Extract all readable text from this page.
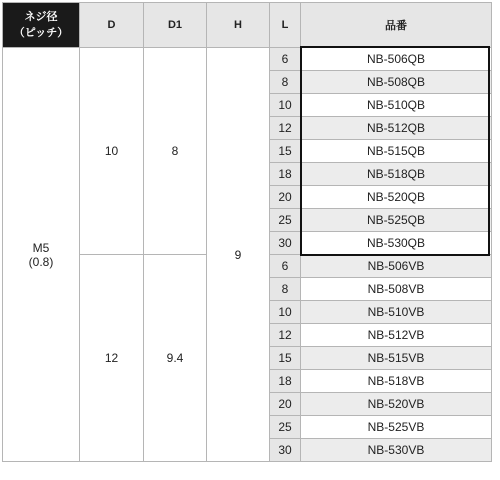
ネジ径
（ピッチ）	D	D1	H	L	品番

M5
(0.8)	10	8	9	6	NB-506QB
				8	NB-508QB
				10	NB-510QB
				12	NB-512QB
				15	NB-515QB
				18	NB-518QB
				20	NB-520QB
				25	NB-525QB
				30	NB-530QB
	12	9.4		6	NB-506VB
				8	NB-508VB
				10	NB-510VB
				12	NB-512VB
				15	NB-515VB
				18	NB-518VB
				20	NB-520VB
				25	NB-525VB
				30	NB-530VB
